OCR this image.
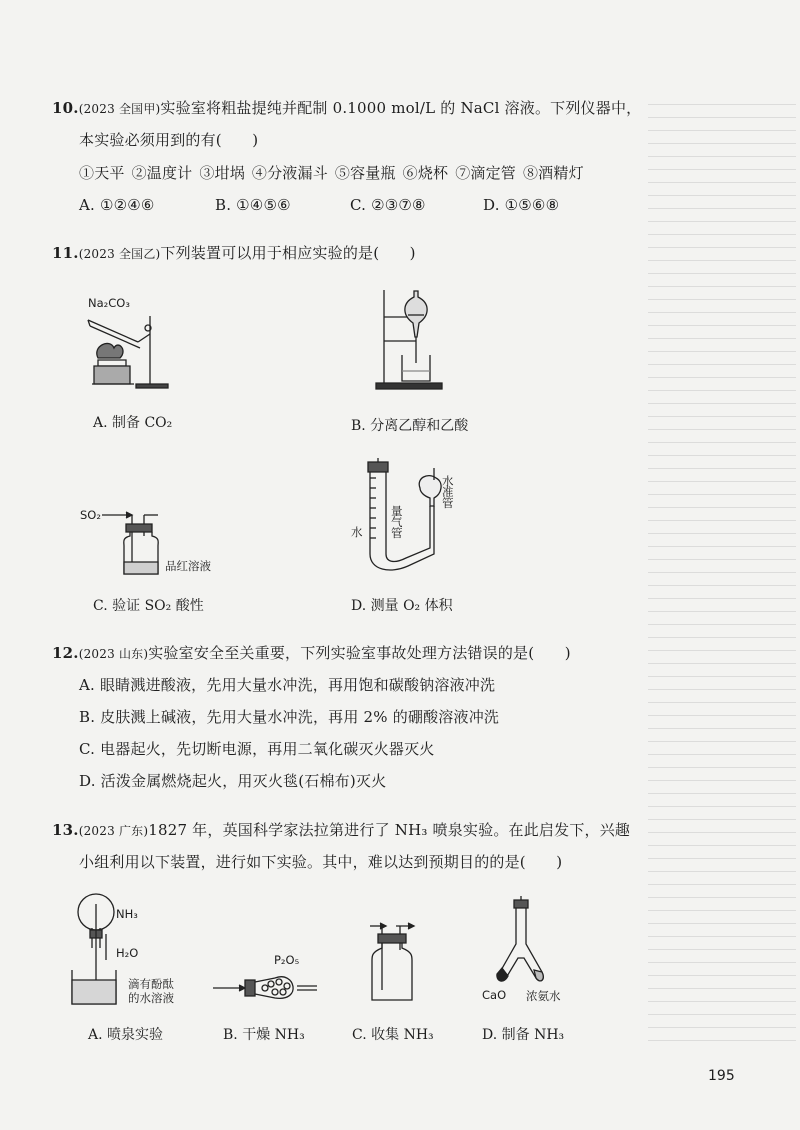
10.(2023 全国甲)实验室将粗盐提纯并配制 0.1000 mol/L 的 NaCl 溶液。下列仪器中，
本实验必须用到的有(　　)
①天平 ②温度计 ③坩埚 ④分液漏斗 ⑤容量瓶 ⑥烧杯 ⑦滴定管 ⑧酒精灯
A. ①②④⑥	B. ①④⑤⑥	C. ②③⑦⑧	D. ①⑤⑥⑧
11.(2023 全国乙)下列装置可以用于相应实验的是(　　)
Na₂CO₃
A. 制备 CO₂	B. 分离乙醇和乙酸
SO₂
品红溶液
C. 验证 SO₂ 酸性
水
量
气
管
水
准
管
D. 测量 O₂ 体积
12.(2023 山东)实验室安全至关重要，下列实验室事故处理方法错误的是(　　)
A. 眼睛溅进酸液，先用大量水冲洗，再用饱和碳酸钠溶液冲洗
B. 皮肤溅上碱液，先用大量水冲洗，再用 2% 的硼酸溶液冲洗
C. 电器起火，先切断电源，再用二氧化碳灭火器灭火
D. 活泼金属燃烧起火，用灭火毯(石棉布)灭火
13.(2023 广东)1827 年，英国科学家法拉第进行了 NH₃ 喷泉实验。在此启发下，兴趣
小组利用以下装置，进行如下实验。其中，难以达到预期目的的是(　　)
NH₃
H₂O
滴有酚酞
的水溶液
A. 喷泉实验
P₂O₅
B. 干燥 NH₃	C. 收集 NH₃
CaO 浓氨水
D. 制备 NH₃
195
